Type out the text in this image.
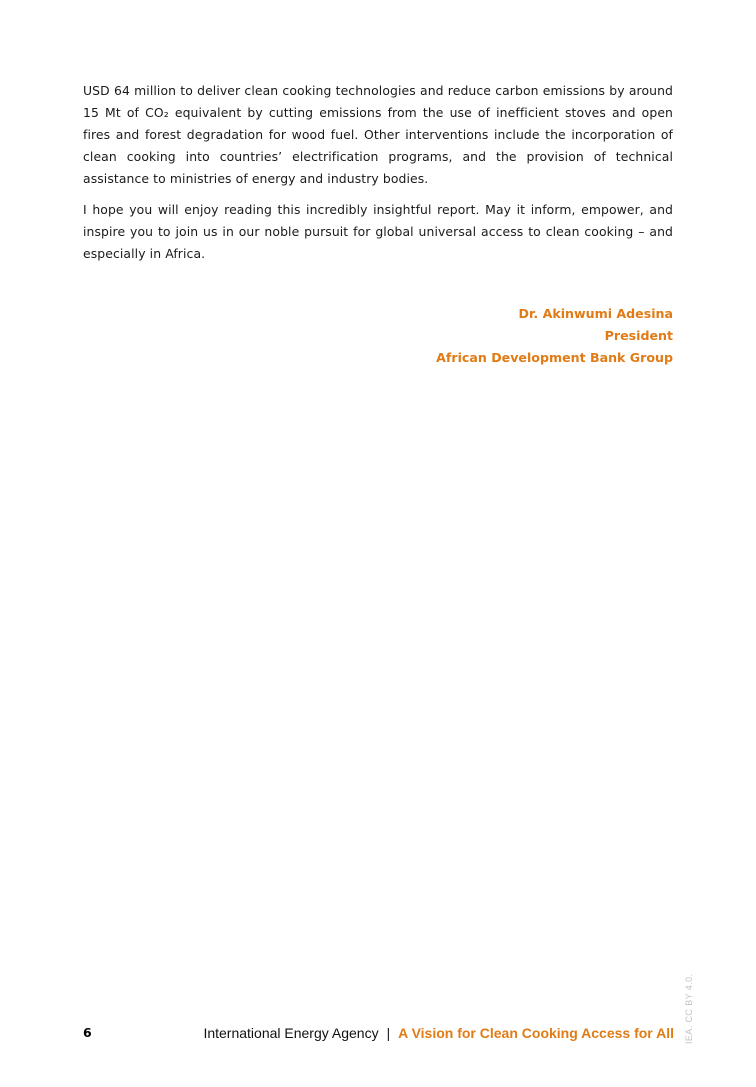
USD 64 million to deliver clean cooking technologies and reduce carbon emissions by around 15 Mt of CO₂ equivalent by cutting emissions from the use of inefficient stoves and open fires and forest degradation for wood fuel. Other interventions include the incorporation of clean cooking into countries’ electrification programs, and the provision of technical assistance to ministries of energy and industry bodies.

I hope you will enjoy reading this incredibly insightful report. May it inform, empower, and inspire you to join us in our noble pursuit for global universal access to clean cooking – and especially in Africa.

Dr. Akinwumi Adesina
President
African Development Bank Group
6	International Energy Agency | A Vision for Clean Cooking Access for All IEA. CC BY 4.0.
